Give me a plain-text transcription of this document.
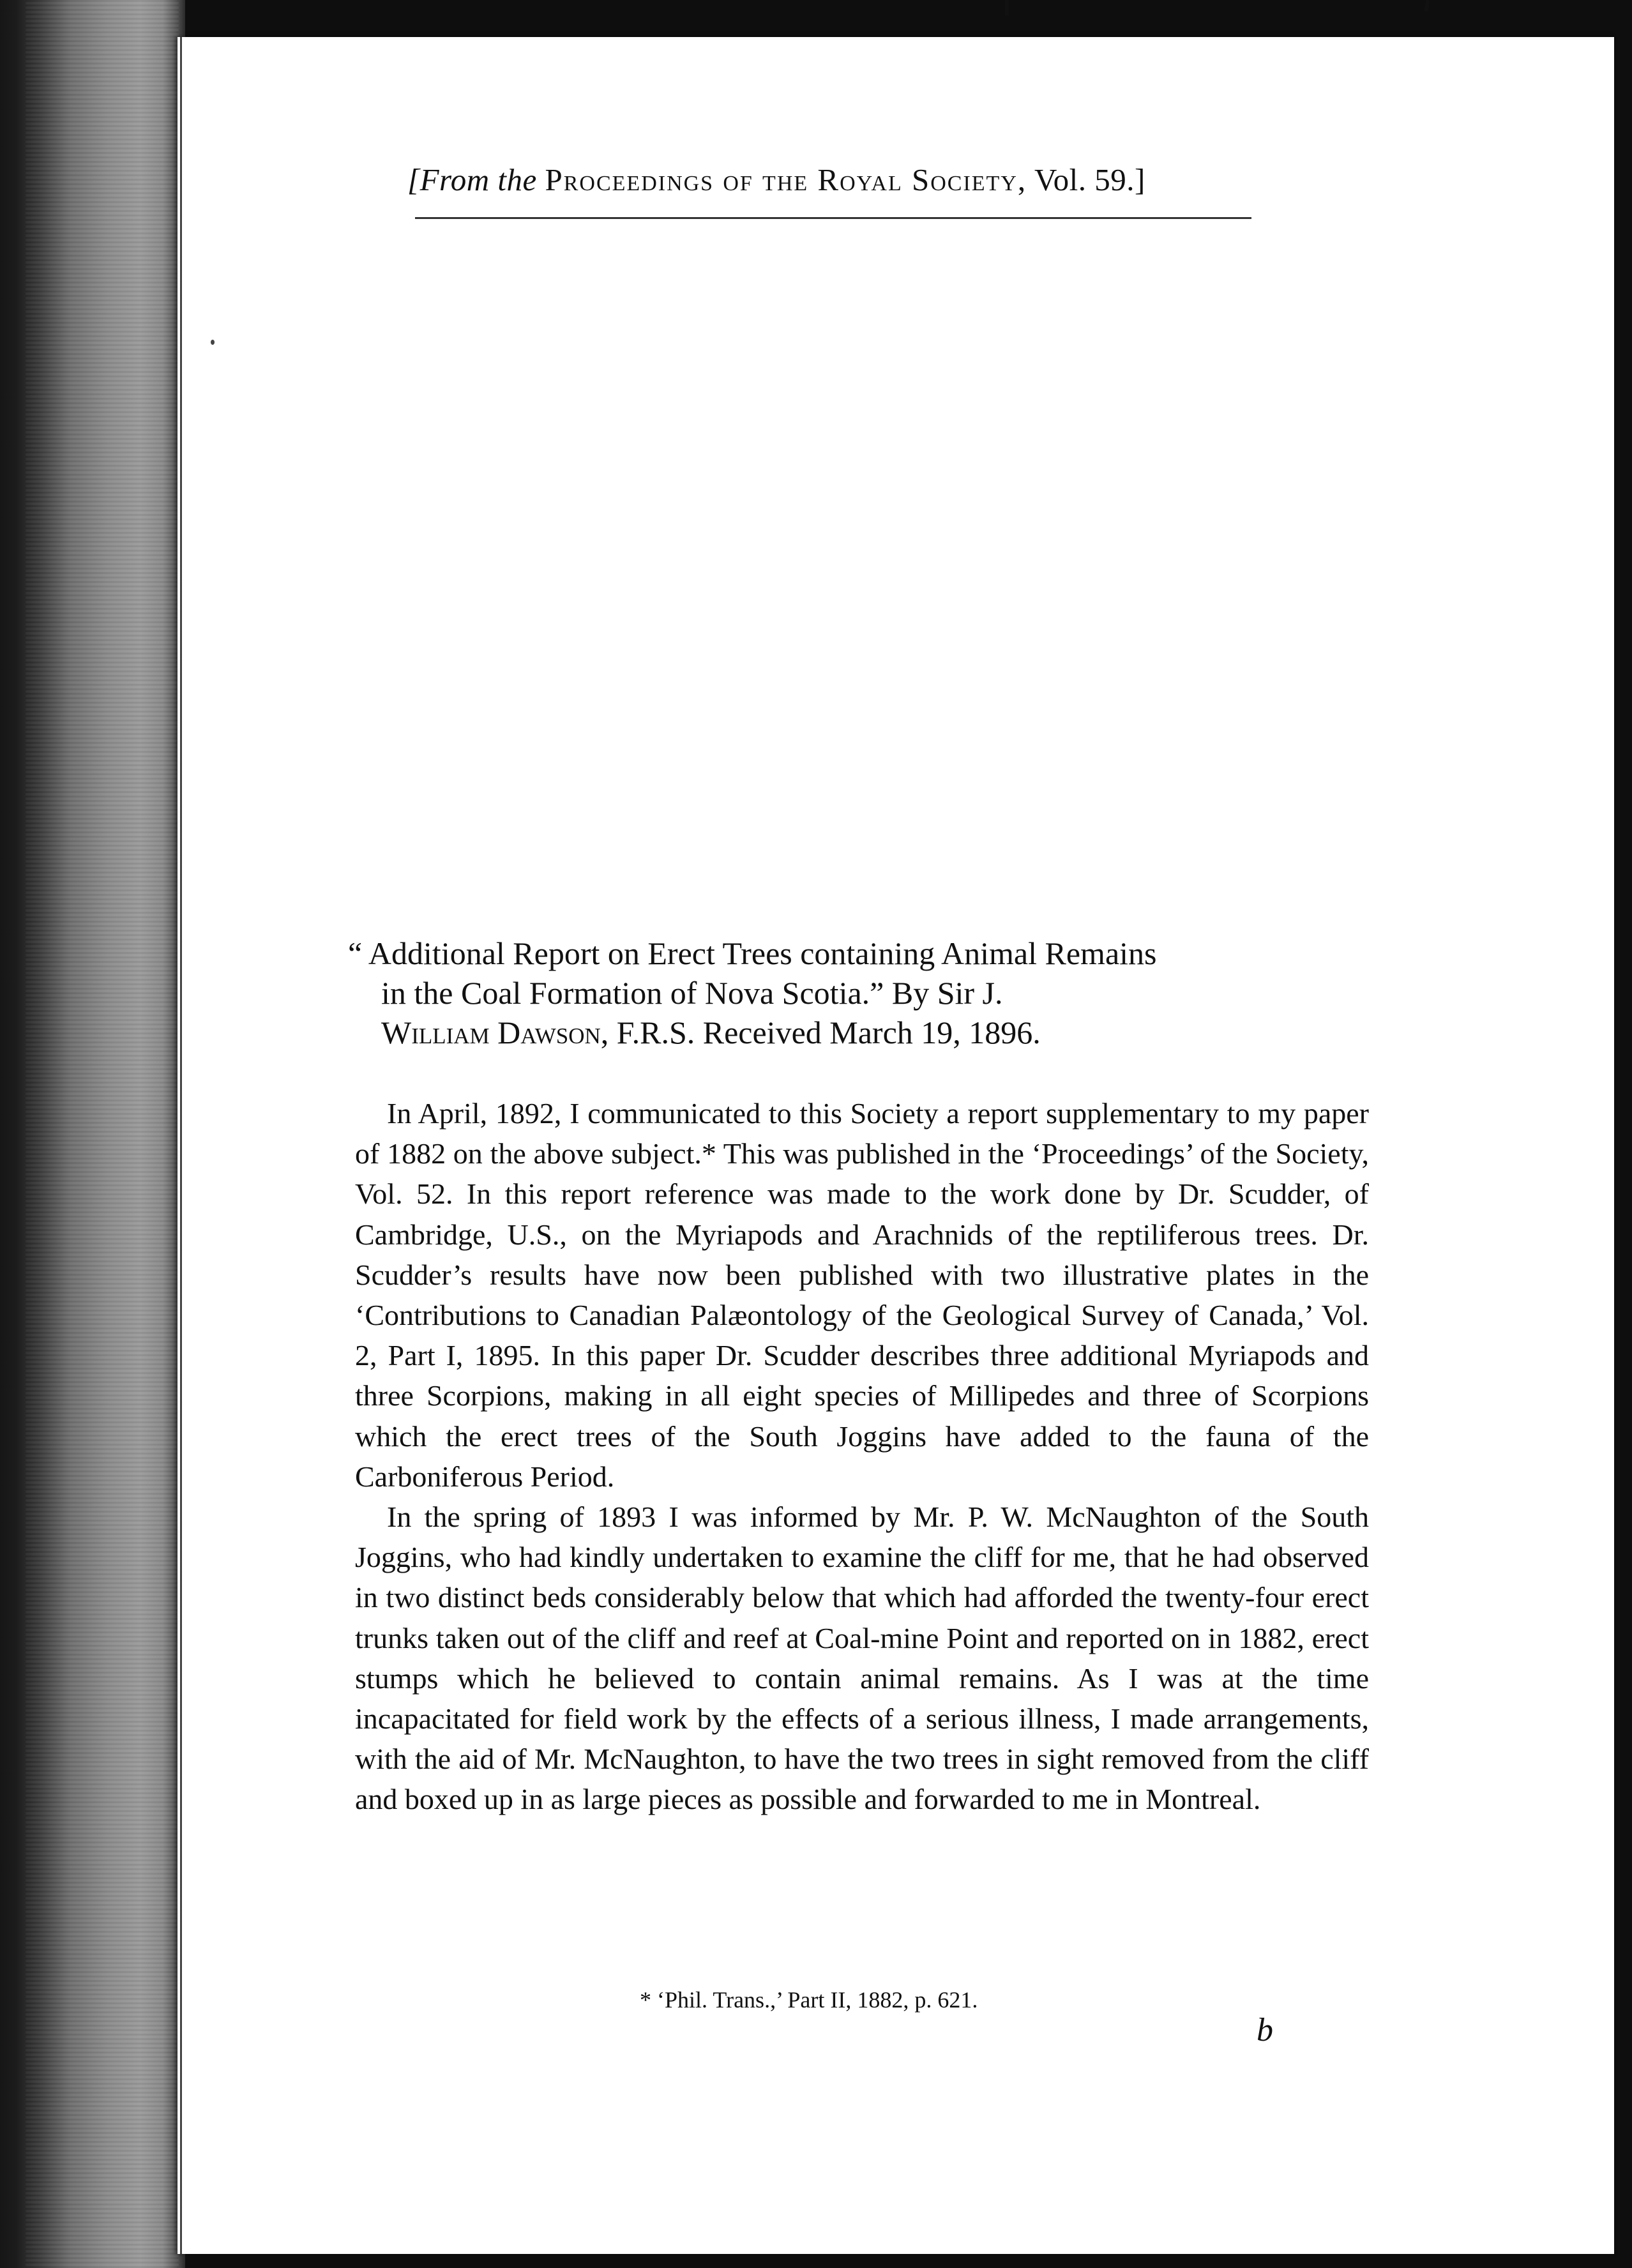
[From the Proceedings of the Royal Society, Vol. 59.]
“ Additional Report on Erect Trees containing Animal Remains
in the Coal Formation of Nova Scotia.” By Sir J.
William Dawson, F.R.S. Received March 19, 1896.

In April, 1892, I communicated to this Society a report supplementary to my paper of 1882 on the above subject.* This was published in the ‘Proceedings’ of the Society, Vol. 52. In this report reference was made to the work done by Dr. Scudder, of Cambridge, U.S., on the Myriapods and Arachnids of the reptiliferous trees. Dr. Scudder’s results have now been published with two illustrative plates in the ‘Contributions to Canadian Palæontology of the Geological Survey of Canada,’ Vol. 2, Part I, 1895. In this paper Dr. Scudder describes three additional Myriapods and three Scorpions, making in all eight species of Millipedes and three of Scorpions which the erect trees of the South Joggins have added to the fauna of the Carboniferous Period.

In the spring of 1893 I was informed by Mr. P. W. McNaughton of the South Joggins, who had kindly undertaken to examine the cliff for me, that he had observed in two distinct beds considerably below that which had afforded the twenty-four erect trunks taken out of the cliff and reef at Coal-mine Point and reported on in 1882, erect stumps which he believed to contain animal remains. As I was at the time incapacitated for field work by the effects of a serious illness, I made arrangements, with the aid of Mr. McNaughton, to have the two trees in sight removed from the cliff and boxed up in as large pieces as possible and forwarded to me in Montreal.

* ‘Phil. Trans.,’ Part II, 1882, p. 621.
b
